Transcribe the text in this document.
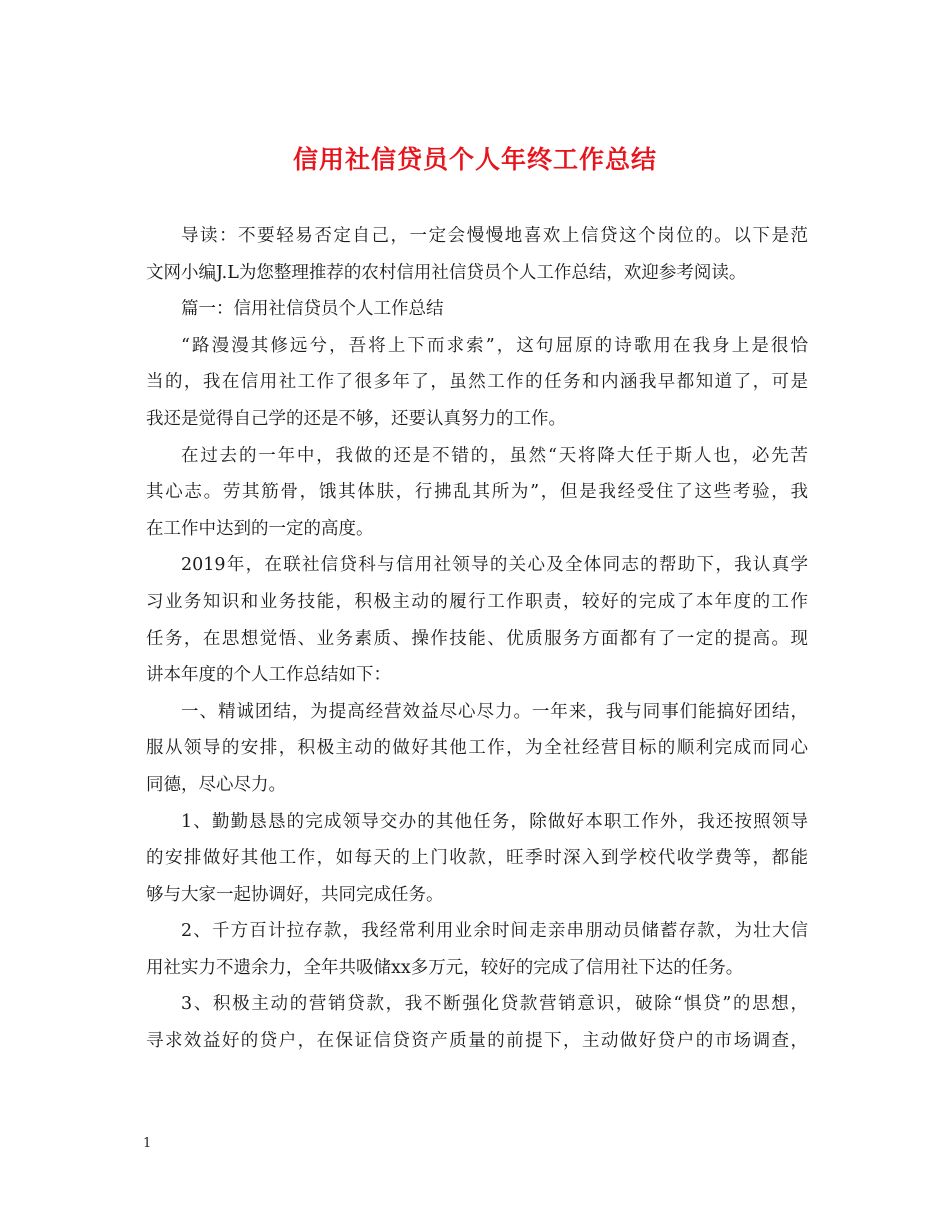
信用社信贷员个人年终工作总结

导读：不要轻易否定自己，一定会慢慢地喜欢上信贷这个岗位的。以下是范

文网小编J.L为您整理推荐的农村信用社信贷员个人工作总结，欢迎参考阅读。

篇一：信用社信贷员个人工作总结

“路漫漫其修远兮，吾将上下而求索”，这句屈原的诗歌用在我身上是很恰

当的，我在信用社工作了很多年了，虽然工作的任务和内涵我早都知道了，可是

我还是觉得自己学的还是不够，还要认真努力的工作。

在过去的一年中，我做的还是不错的，虽然“天将降大任于斯人也，必先苦

其心志。劳其筋骨，饿其体肤，行拂乱其所为”，但是我经受住了这些考验，我

在工作中达到的一定的高度。

2019年，在联社信贷科与信用社领导的关心及全体同志的帮助下，我认真学

习业务知识和业务技能，积极主动的履行工作职责，较好的完成了本年度的工作

任务，在思想觉悟、业务素质、操作技能、优质服务方面都有了一定的提高。现

讲本年度的个人工作总结如下：

一、精诚团结，为提高经营效益尽心尽力。一年来，我与同事们能搞好团结，

服从领导的安排，积极主动的做好其他工作，为全社经营目标的顺利完成而同心

同德，尽心尽力。

1、勤勤恳恳的完成领导交办的其他任务，除做好本职工作外，我还按照领导

的安排做好其他工作，如每天的上门收款，旺季时深入到学校代收学费等，都能

够与大家一起协调好，共同完成任务。

2、千方百计拉存款，我经常利用业余时间走亲串朋动员储蓄存款，为壮大信

用社实力不遗余力，全年共吸储xx多万元，较好的完成了信用社下达的任务。

3、积极主动的营销贷款，我不断强化贷款营销意识，破除“惧贷”的思想，

寻求效益好的贷户，在保证信贷资产质量的前提下，主动做好贷户的市场调查，

1
